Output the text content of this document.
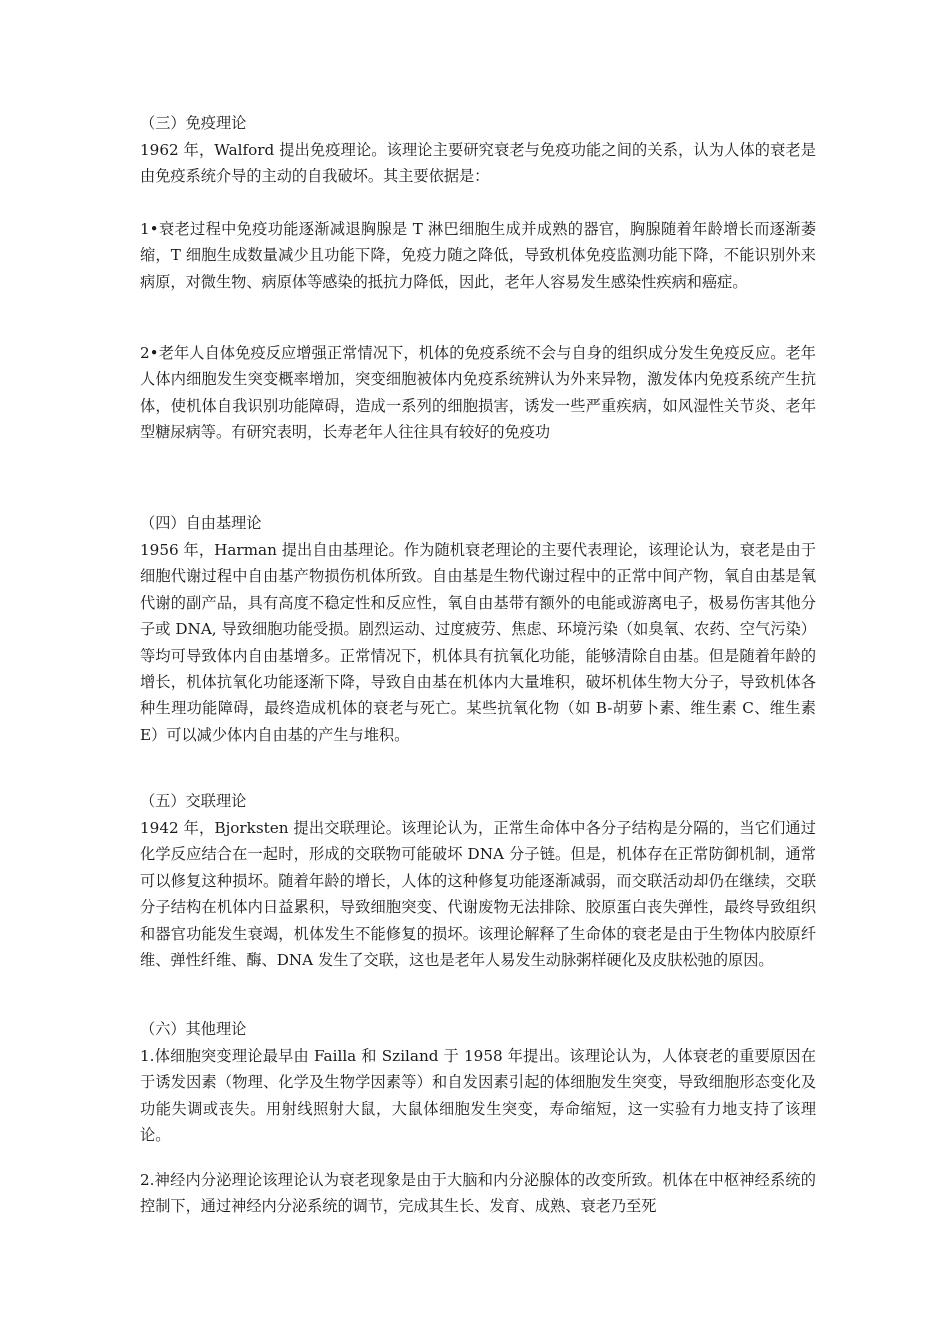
（三）免疫理论

1962 年，Walford 提出免疫理论。该理论主要研究衰老与免疫功能之间的关系，认为人体的衰老是由免疫系统介导的主动的自我破坏。其主要依据是：

1•衰老过程中免疫功能逐渐减退胸腺是 T 淋巴细胞生成并成熟的器官，胸腺随着年龄增长而逐渐萎缩，T 细胞生成数量减少且功能下降，免疫力随之降低，导致机体免疫监测功能下降，不能识别外来病原，对微生物、病原体等感染的抵抗力降低，因此，老年人容易发生感染性疾病和癌症。

2•老年人自体免疫反应增强正常情况下，机体的免疫系统不会与自身的组织成分发生免疫反应。老年人体内细胞发生突变概率增加，突变细胞被体内免疫系统辨认为外来异物，激发体内免疫系统产生抗体，使机体自我识别功能障碍，造成一系列的细胞损害，诱发一些严重疾病，如风湿性关节炎、老年型糖尿病等。有研究表明，长寿老年人往往具有较好的免疫功

（四）自由基理论

1956 年，Harman 提出自由基理论。作为随机衰老理论的主要代表理论，该理论认为，衰老是由于细胞代谢过程中自由基产物损伤机体所致。自由基是生物代谢过程中的正常中间产物，氧自由基是氧代谢的副产品，具有高度不稳定性和反应性，氧自由基带有额外的电能或游离电子，极易伤害其他分子或 DNA, 导致细胞功能受损。剧烈运动、过度疲劳、焦虑、环境污染（如臭氧、农药、空气污染）等均可导致体内自由基增多。正常情况下，机体具有抗氧化功能，能够清除自由基。但是随着年龄的增长，机体抗氧化功能逐渐下降，导致自由基在机体内大量堆积，破坏机体生物大分子，导致机体各种生理功能障碍，最终造成机体的衰老与死亡。某些抗氧化物（如 B-胡萝卜素、维生素 C、维生素 E）可以减少体内自由基的产生与堆积。

（五）交联理论

1942 年，Bjorksten 提出交联理论。该理论认为，正常生命体中各分子结构是分隔的，当它们通过化学反应结合在一起时，形成的交联物可能破坏 DNA 分子链。但是，机体存在正常防御机制，通常可以修复这种损坏。随着年龄的增长，人体的这种修复功能逐渐减弱，而交联活动却仍在继续，交联分子结构在机体内日益累积，导致细胞突变、代谢废物无法排除、胶原蛋白丧失弹性，最终导致组织和器官功能发生衰竭，机体发生不能修复的损坏。该理论解释了生命体的衰老是由于生物体内胶原纤维、弹性纤维、酶、DNA 发生了交联，这也是老年人易发生动脉粥样硬化及皮肤松弛的原因。

（六）其他理论

1.体细胞突变理论最早由 Failla 和 Sziland 于 1958 年提出。该理论认为，人体衰老的重要原因在于诱发因素（物理、化学及生物学因素等）和自发因素引起的体细胞发生突变，导致细胞形态变化及功能失调或丧失。用射线照射大鼠，大鼠体细胞发生突变，寿命缩短，这一实验有力地支持了该理论。

2.神经内分泌理论该理论认为衰老现象是由于大脑和内分泌腺体的改变所致。机体在中枢神经系统的控制下，通过神经内分泌系统的调节，完成其生长、发育、成熟、衰老乃至死
